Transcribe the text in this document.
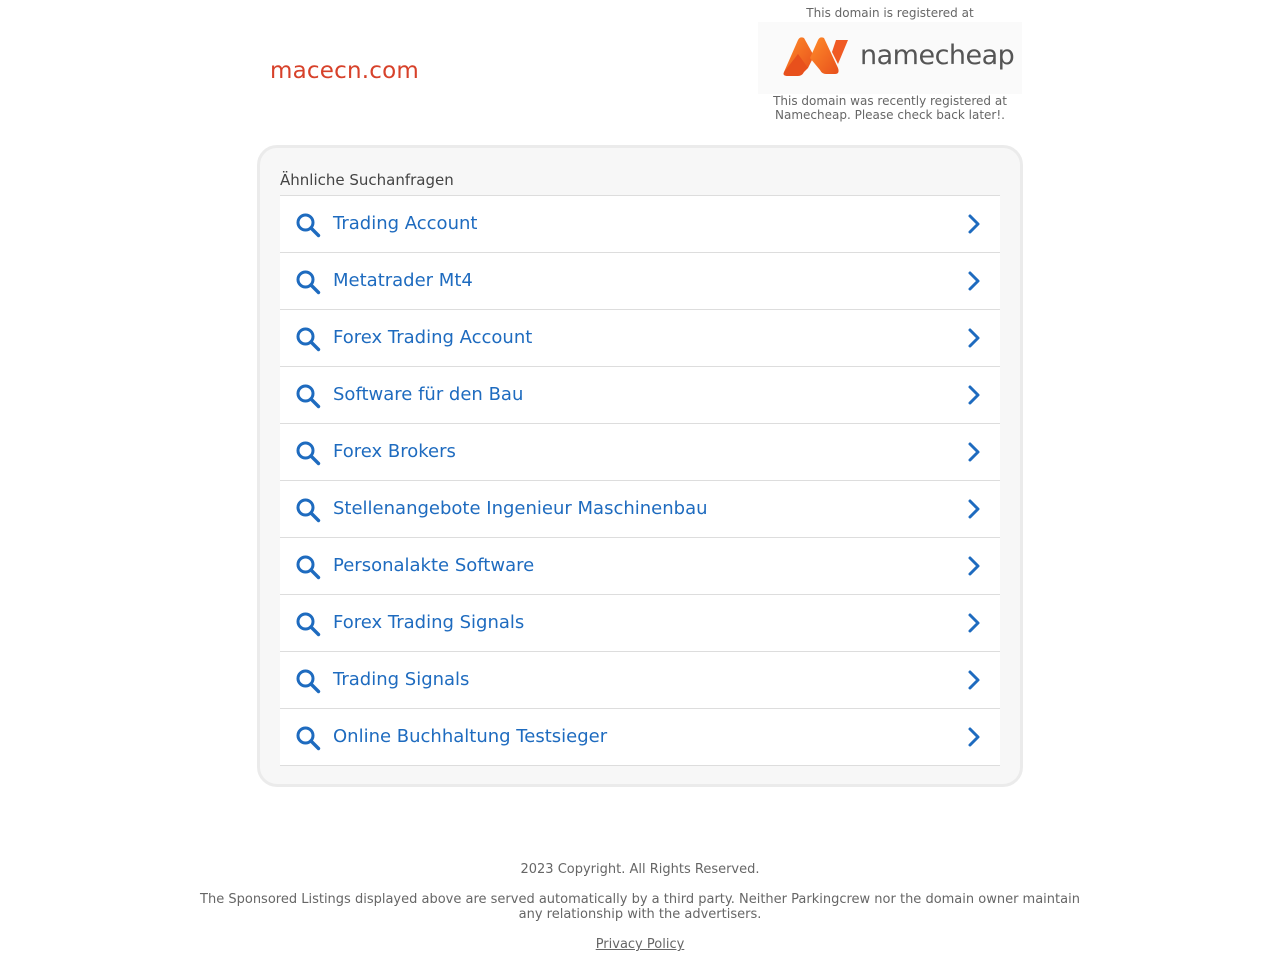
macecn.com
This domain is registered at
namecheap
This domain was recently registered at Namecheap. Please check back later!.
Ähnliche Suchanfragen
Trading Account
Metatrader Mt4
Forex Trading Account
Software für den Bau
Forex Brokers
Stellenangebote Ingenieur Maschinenbau
Personalakte Software
Forex Trading Signals
Trading Signals
Online Buchhaltung Testsieger
2023 Copyright. All Rights Reserved.
The Sponsored Listings displayed above are served automatically by a third party. Neither Parkingcrew nor the domain owner maintain any relationship with the advertisers.
Privacy Policy
